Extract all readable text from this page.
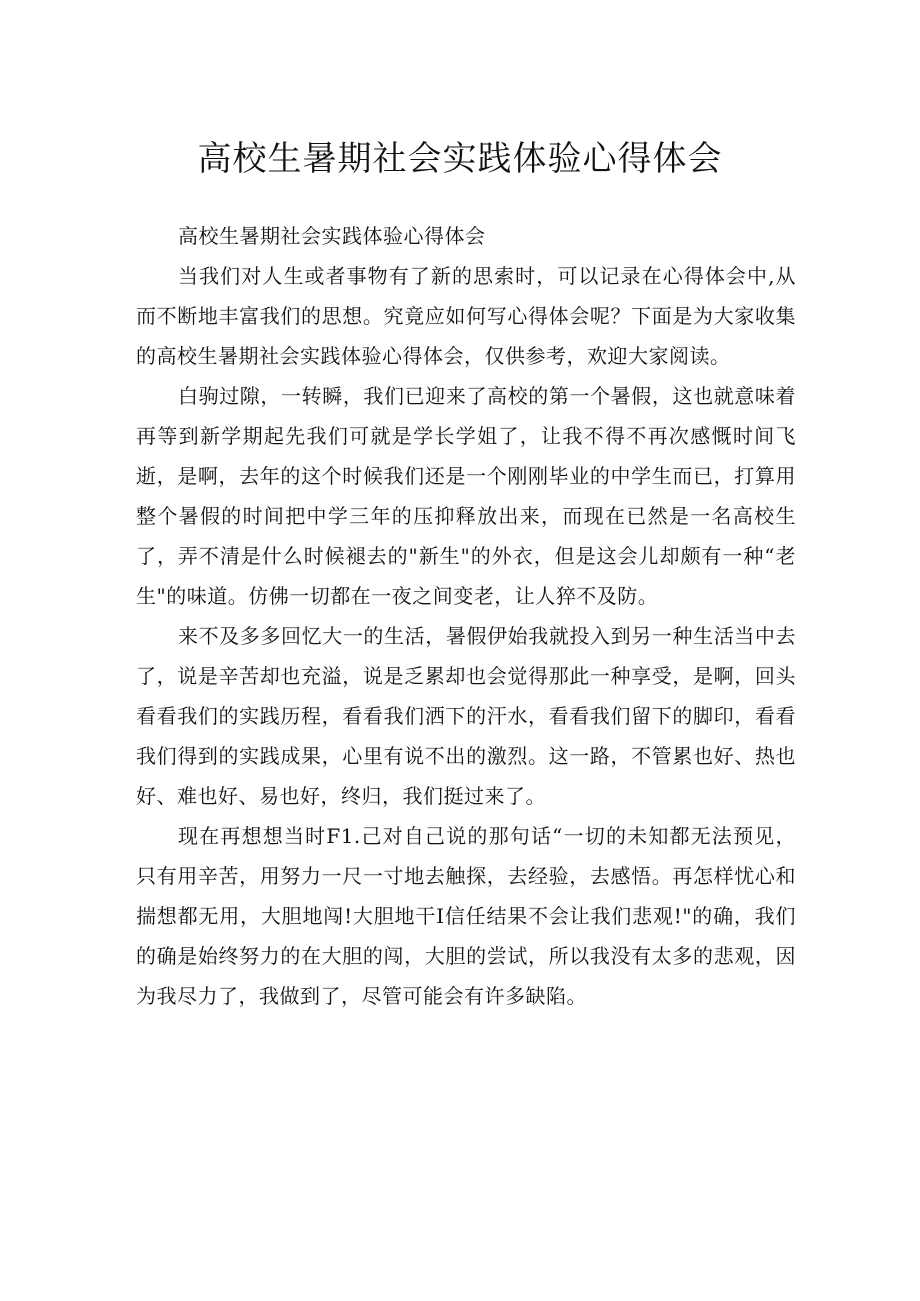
高校生暑期社会实践体验心得体会

高校生暑期社会实践体验心得体会

当我们对人生或者事物有了新的思索时，可以记录在心得体会中,从而不断地丰富我们的思想。究竟应如何写心得体会呢？下面是为大家收集的高校生暑期社会实践体验心得体会，仅供参考，欢迎大家阅读。

白驹过隙，一转瞬，我们已迎来了高校的第一个暑假，这也就意味着再等到新学期起先我们可就是学长学姐了，让我不得不再次感慨时间飞逝，是啊，去年的这个时候我们还是一个刚刚毕业的中学生而已，打算用整个暑假的时间把中学三年的压抑释放出来，而现在已然是一名高校生了，弄不清是什么时候褪去的"新生"的外衣，但是这会儿却颇有一种“老生"的味道。仿佛一切都在一夜之间变老，让人猝不及防。

来不及多多回忆大一的生活，暑假伊始我就投入到另一种生活当中去了，说是辛苦却也充溢，说是乏累却也会觉得那此一种享受，是啊，回头看看我们的实践历程，看看我们洒下的汗水，看看我们留下的脚印，看看我们得到的实践成果，心里有说不出的激烈。这一路，不管累也好、热也好、难也好、易也好，终归，我们挺过来了。

现在再想想当时F1.己对自己说的那句话“一切的未知都无法预见，只有用辛苦，用努力一尺一寸地去触探，去经验，去感悟。再怎样忧心和揣想都无用，大胆地闯!大胆地干I信任结果不会让我们悲观!"的确，我们的确是始终努力的在大胆的闯，大胆的尝试，所以我没有太多的悲观，因为我尽力了，我做到了，尽管可能会有许多缺陷。
